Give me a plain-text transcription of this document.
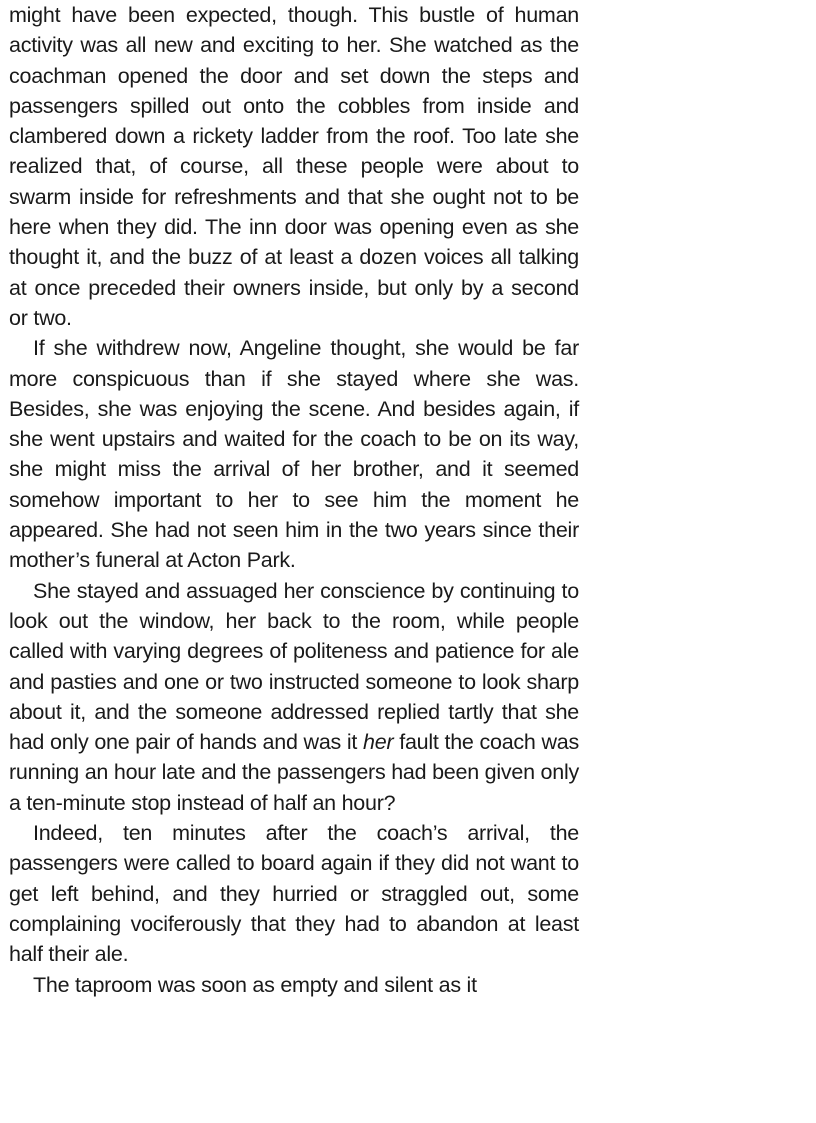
might have been expected, though. This bustle of human activity was all new and exciting to her. She watched as the coachman opened the door and set down the steps and passengers spilled out onto the cobbles from inside and clambered down a rickety ladder from the roof. Too late she realized that, of course, all these people were about to swarm inside for refreshments and that she ought not to be here when they did. The inn door was opening even as she thought it, and the buzz of at least a dozen voices all talking at once preceded their owners inside, but only by a second or two.

If she withdrew now, Angeline thought, she would be far more conspicuous than if she stayed where she was. Besides, she was enjoying the scene. And besides again, if she went upstairs and waited for the coach to be on its way, she might miss the arrival of her brother, and it seemed somehow important to her to see him the moment he appeared. She had not seen him in the two years since their mother’s funeral at Acton Park.

She stayed and assuaged her conscience by continuing to look out the window, her back to the room, while people called with varying degrees of politeness and patience for ale and pasties and one or two instructed someone to look sharp about it, and the someone addressed replied tartly that she had only one pair of hands and was it her fault the coach was running an hour late and the passengers had been given only a ten-minute stop instead of half an hour?

Indeed, ten minutes after the coach’s arrival, the passengers were called to board again if they did not want to get left behind, and they hurried or straggled out, some complaining vociferously that they had to abandon at least half their ale.

The taproom was soon as empty and silent as it
